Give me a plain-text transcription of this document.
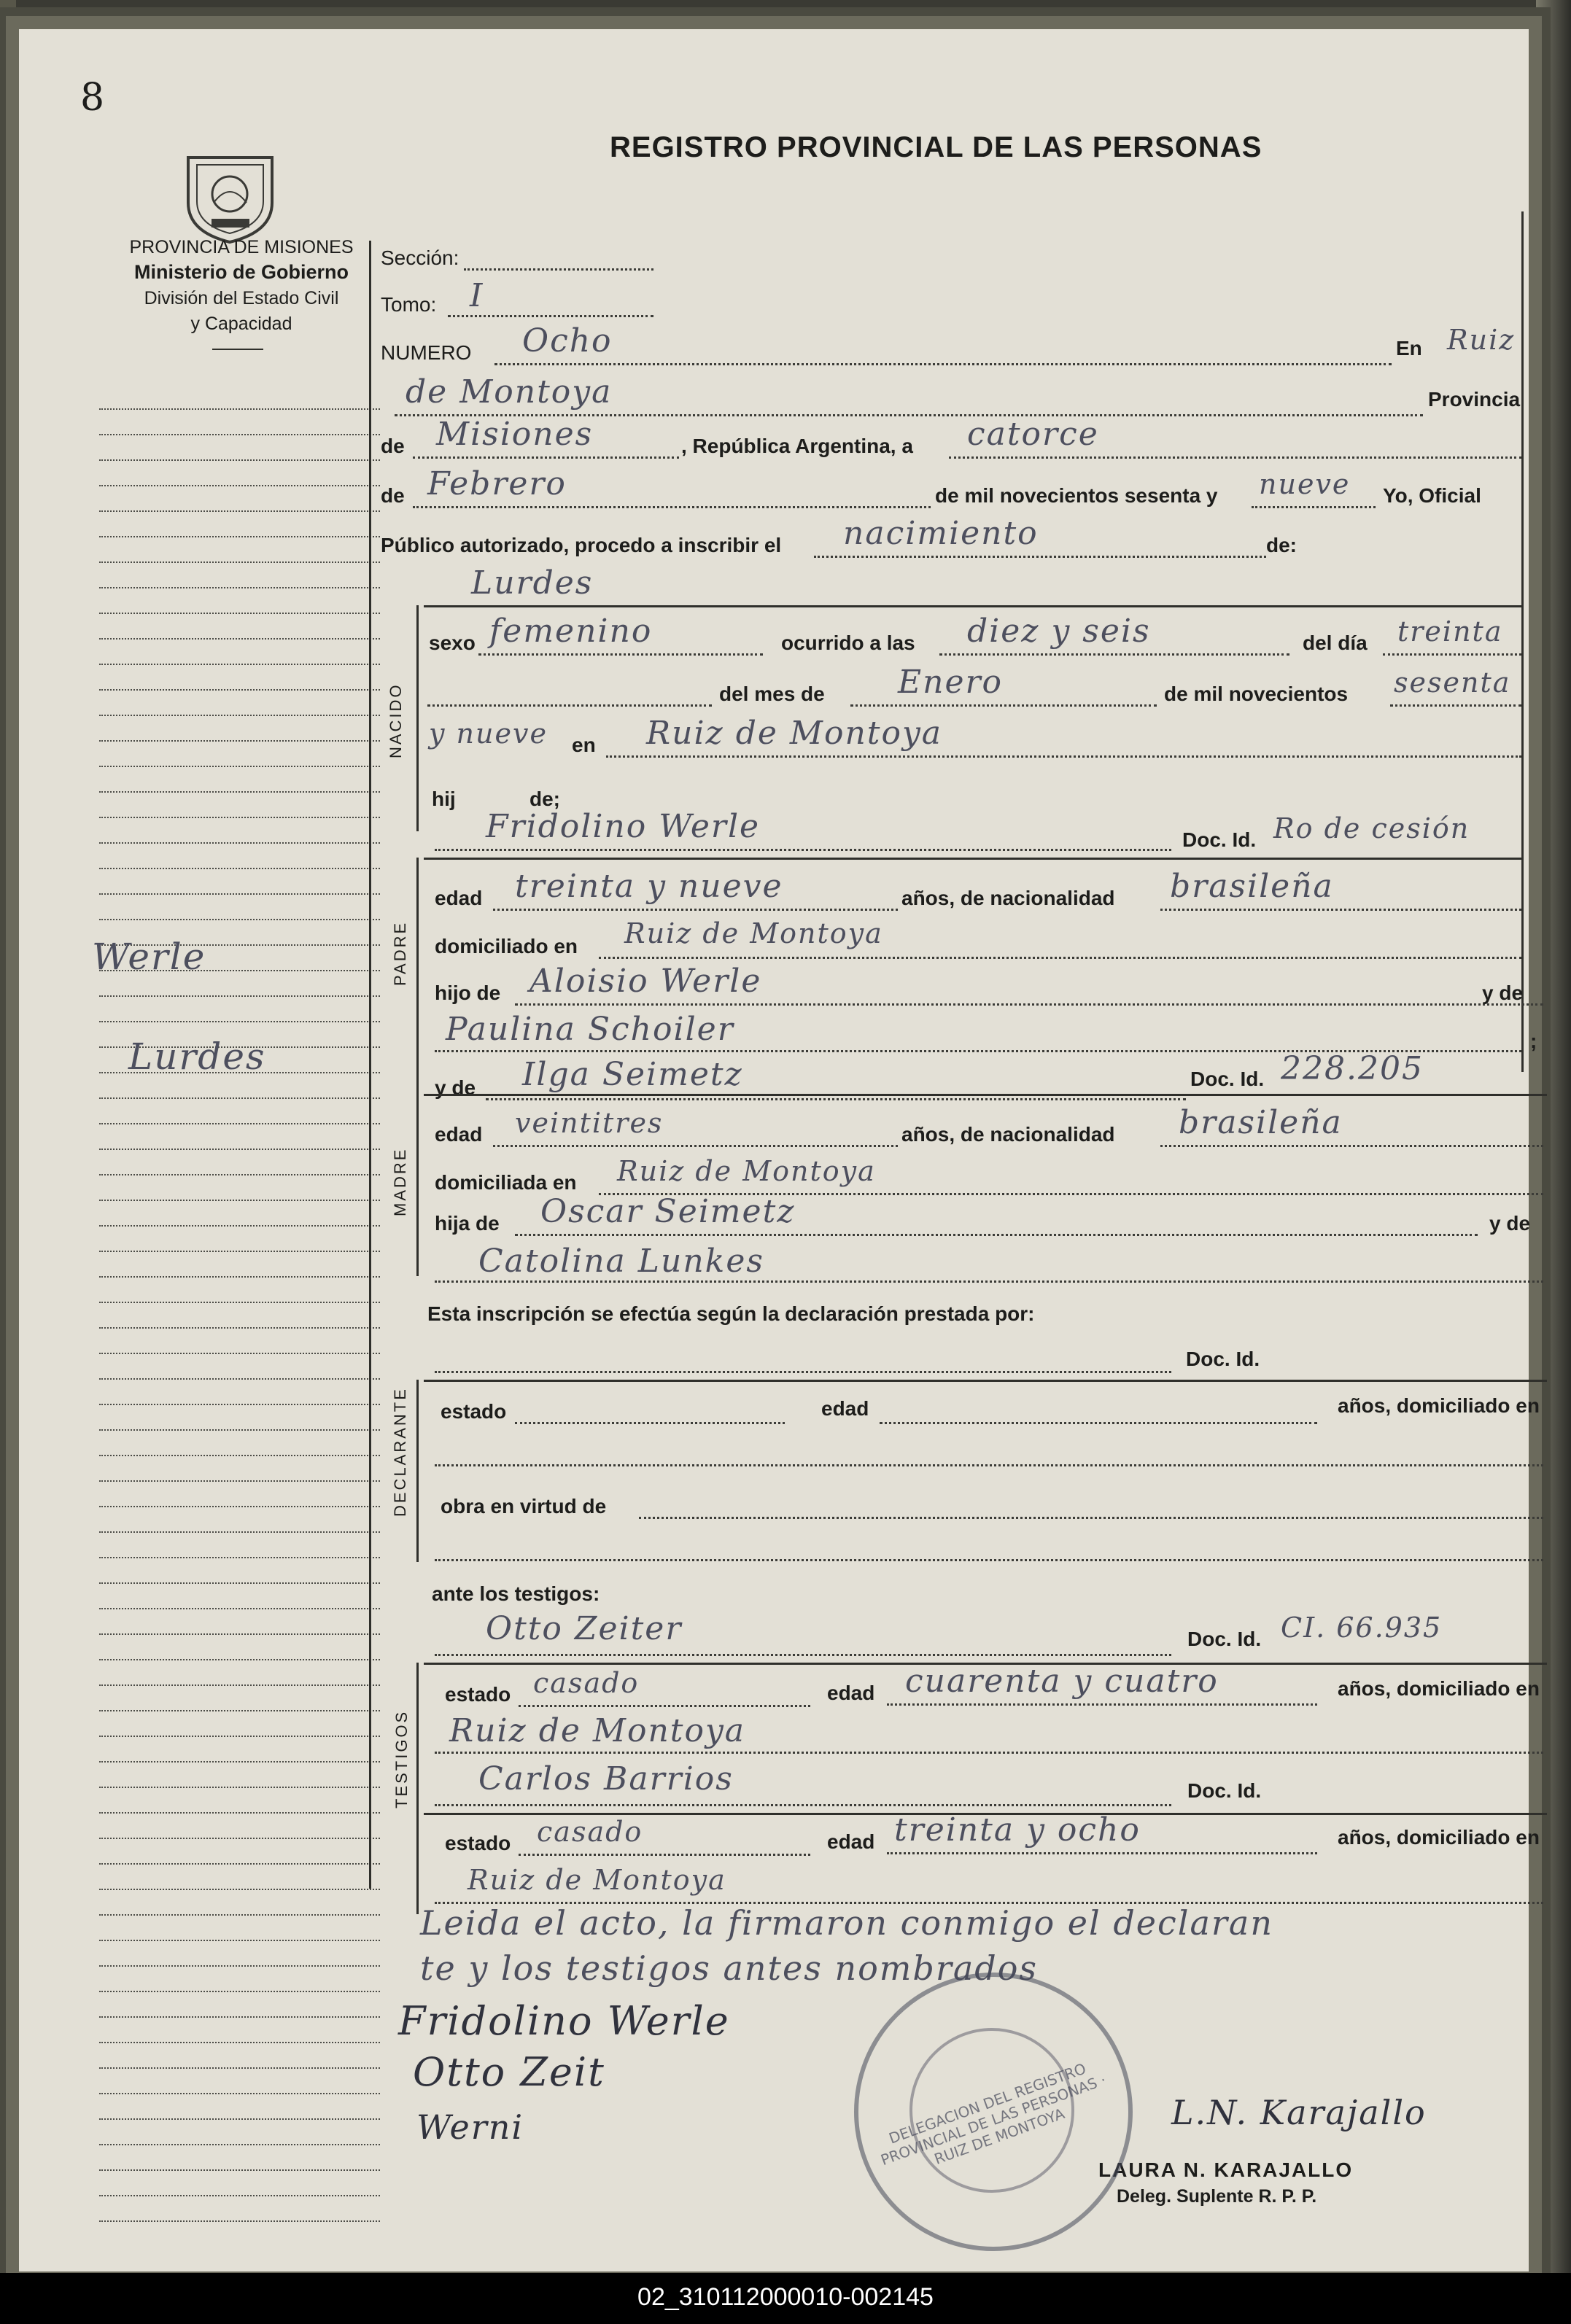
8
PROVINCIA DE MISIONES
Ministerio de Gobierno
División del Estado Civil
y Capacidad
REGISTRO PROVINCIAL DE LAS PERSONAS
Werle
Lurdes
Sección:
Tomo: I
NUMERO Ocho	En Ruiz
de Montoya	Provincia
de Misiones	, República Argentina, a catorce
de Febrero	de mil novecientos sesenta y nueve Yo, Oficial
Público autorizado, procedo a inscribir el nacimiento	de:
Lurdes
NACIDO
sexo femenino	ocurrido a las diez y seis	del día treinta
del mes de Enero	de mil novecientos sesenta
y nueve en Ruiz de Montoya
hij	de;
Fridolino Werle	Doc. Id. Ro de cesión
PADRE
edad treinta y nueve	años, de nacionalidad brasileña
domiciliado en Ruiz de Montoya
hijo de Aloisio Werle	y de
Paulina Schoiler	;
y de Ilga Seimetz	Doc. Id. 228.205
MADRE
edad veintitres	años, de nacionalidad brasileña
domiciliada en Ruiz de Montoya
hija de Oscar Seimetz	y de
Catolina Lunkes
Esta inscripción se efectúa según la declaración prestada por:
Doc. Id.
DECLARANTE estado	edad	años, domiciliado en
obra en virtud de
ante los testigos:
Otto Zeiter	Doc. Id. CI. 66.935
TESTIGOS
estado casado	edad cuarenta y cuatro	años, domiciliado en
Ruiz de Montoya
Carlos Barrios	Doc. Id.
estado casado	edad treinta y ocho	años, domiciliado en
Ruiz de Montoya
Leida el acto, la firmaron conmigo el declaran
te y los testigos antes nombrados
Fridolino Werle
Otto Zeit
Werni	L.N. Karajallo
LAURA N. KARAJALLO
Deleg. Suplente R. P. P.
DELEGACION DEL REGISTRO PROVINCIAL DE LAS PERSONAS · RUIZ DE MONTOYA
02_310112000010-002145
